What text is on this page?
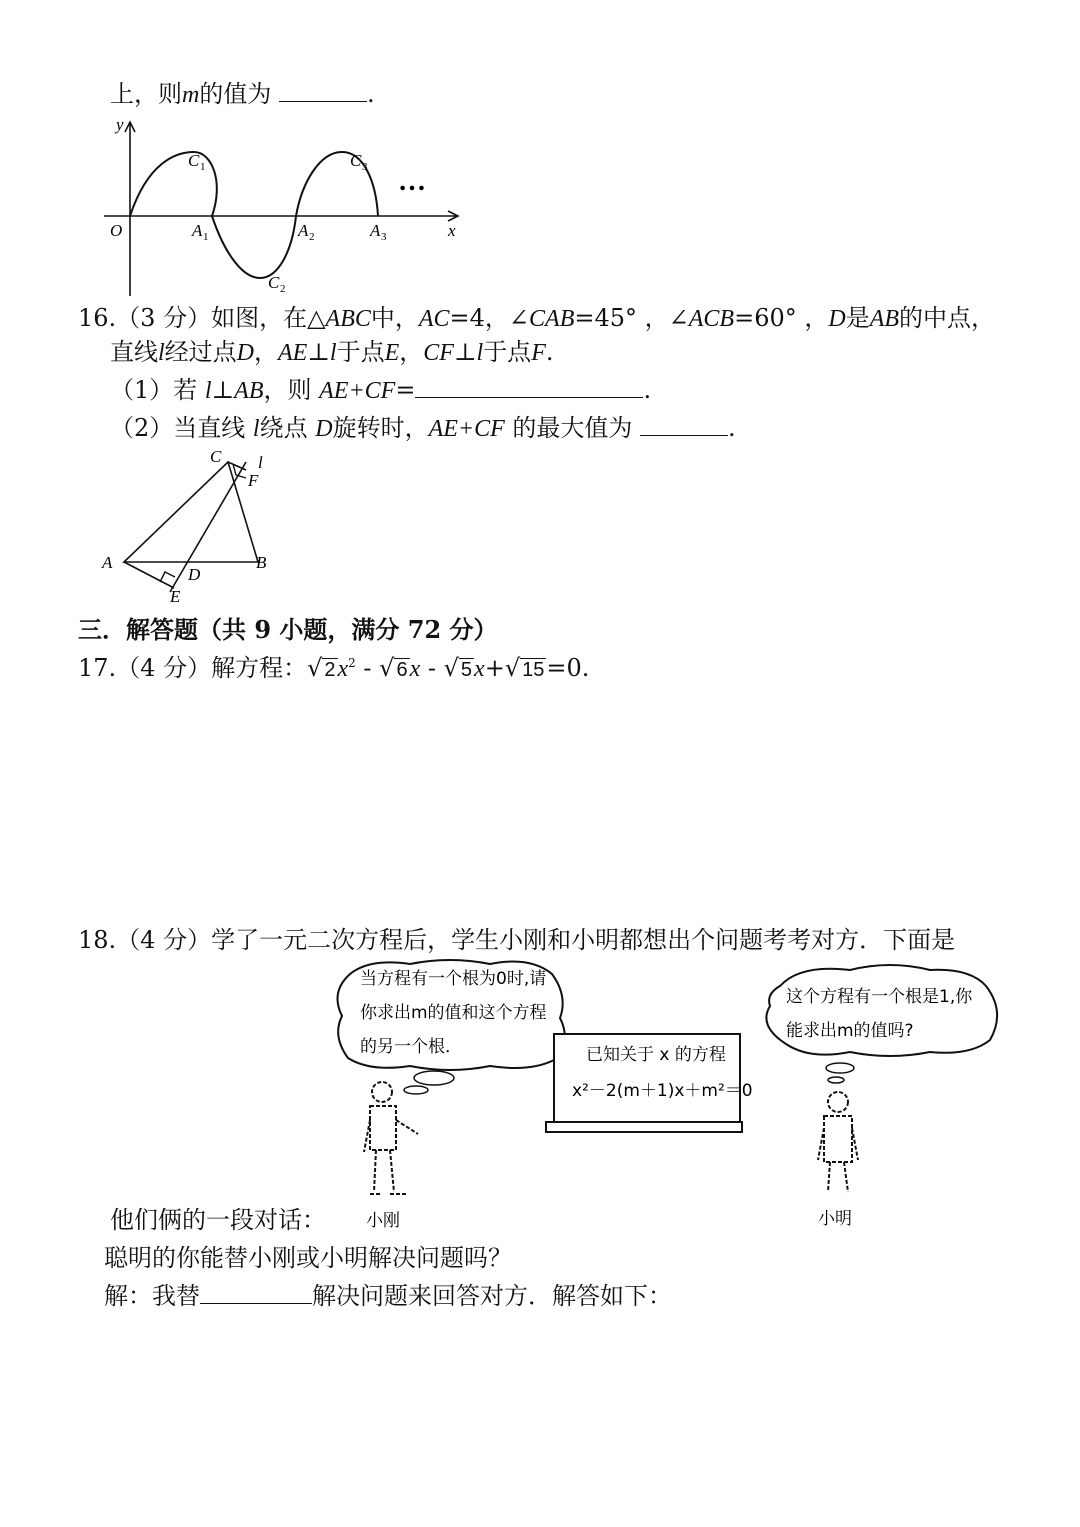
上，则m的值为	.
y
x
O
C 1	C 3
C 2
A 1	A 2	A 3
…
16.（3 分）如图，在△ABC中，AC=4，∠CAB=45° ，∠ACB=60° ，D是AB的中点，
直线l经过点D，AE⊥l于点E，CF⊥l于点F.
（1）若 l⊥AB，则 AE+CF=	.
（2）当直线 l绕点 D旋转时，AE+CF 的最大值为	.
A	B
C
D
E
F
l
三．解答题（共 9 小题，满分 72 分）
17.（4 分）解方程：√ $2x^2$ - √ 6x - √ 5x+√ 15=0.
18.（4 分）学了一元二次方程后，学生小刚和小明都想出个问题考考对方．下面是
当方程有一个根为0时,请
你求出m的值和这个方程
的另一个根．
小刚
已知关于 x 的方程
x²－2(m＋1)x＋m²＝0
这个方程有一个根是1,你
能求出m的值吗?
小明
他们俩的一段对话：
聪明的你能替小刚或小明解决问题吗？
解：我替	解决问题来回答对方．解答如下：
